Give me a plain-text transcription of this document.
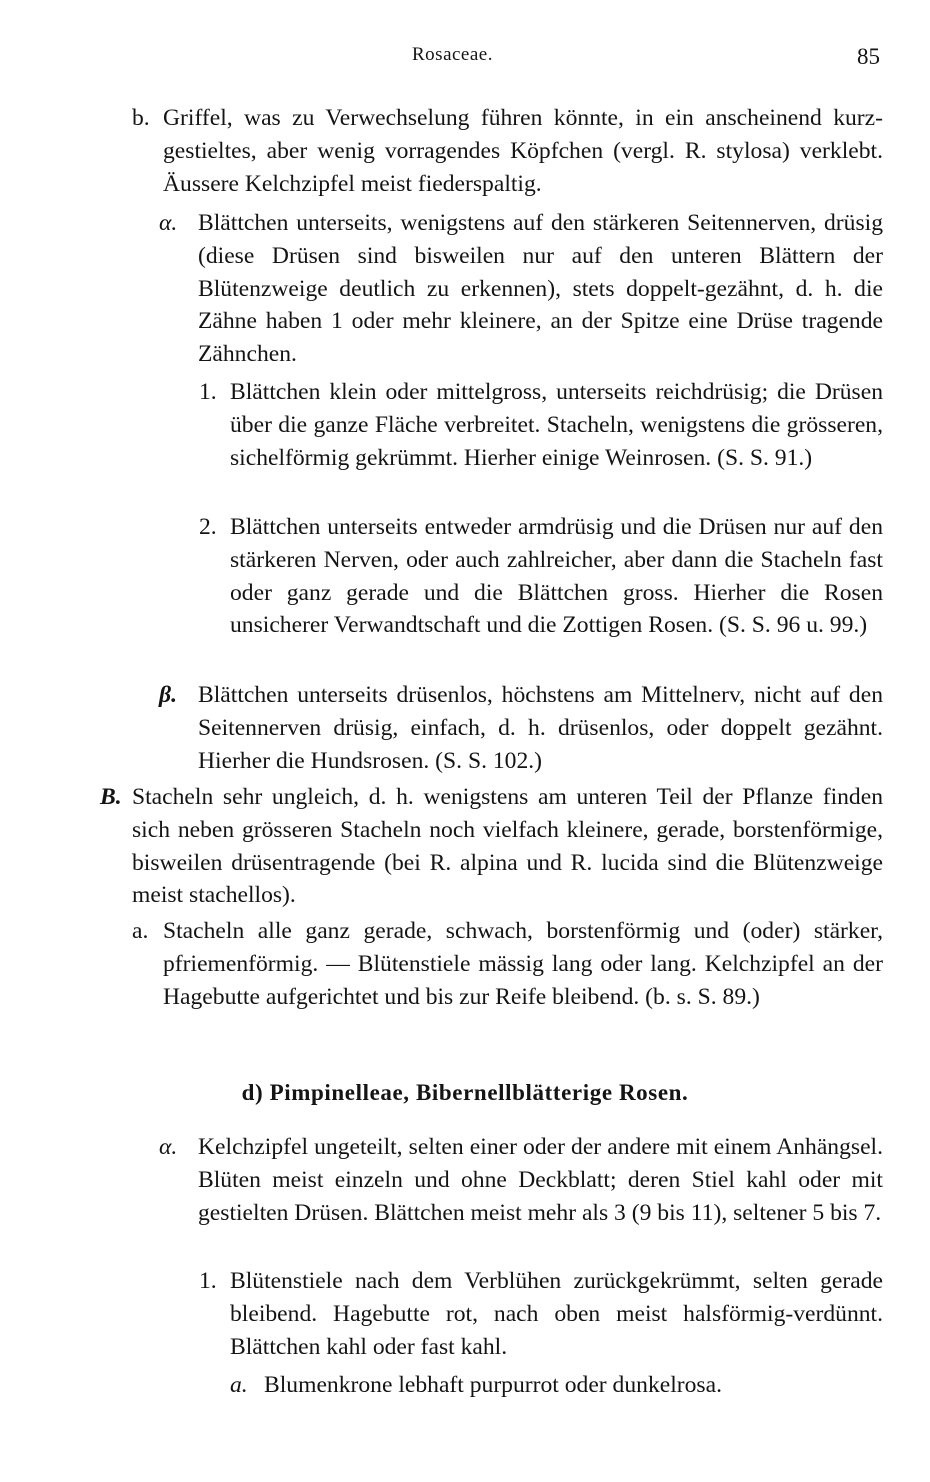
Rosaceae.	85
b. Griffel, was zu Verwechselung führen könnte, in ein anscheinend kurz-gestieltes, aber wenig vorragendes Köpfchen (vergl. R. stylosa) verklebt. Äussere Kelchzipfel meist fiederspaltig.
α. Blättchen unterseits, wenigstens auf den stärkeren Seitennerven, drüsig (diese Drüsen sind bisweilen nur auf den unteren Blättern der Blütenzweige deutlich zu erkennen), stets doppelt-gezähnt, d. h. die Zähne haben 1 oder mehr kleinere, an der Spitze eine Drüse tragende Zähnchen.
1. Blättchen klein oder mittelgross, unterseits reichdrüsig; die Drüsen über die ganze Fläche verbreitet. Stacheln, wenigstens die grösseren, sichelförmig gekrümmt. Hierher einige Weinrosen. (S. S. 91.)
2. Blättchen unterseits entweder armdrüsig und die Drüsen nur auf den stärkeren Nerven, oder auch zahlreicher, aber dann die Stacheln fast oder ganz gerade und die Blättchen gross. Hierher die Rosen unsicherer Verwandtschaft und die Zottigen Rosen. (S. S. 96 u. 99.)
β. Blättchen unterseits drüsenlos, höchstens am Mittelnerv, nicht auf den Seitennerven drüsig, einfach, d. h. drüsenlos, oder doppelt gezähnt. Hierher die Hundsrosen. (S. S. 102.)
B. Stacheln sehr ungleich, d. h. wenigstens am unteren Teil der Pflanze finden sich neben grösseren Stacheln noch vielfach kleinere, gerade, borstenförmige, bisweilen drüsentragende (bei R. alpina und R. lucida sind die Blütenzweige meist stachellos).
a. Stacheln alle ganz gerade, schwach, borstenförmig und (oder) stärker, pfriemenförmig. — Blütenstiele mässig lang oder lang. Kelchzipfel an der Hagebutte aufgerichtet und bis zur Reife bleibend. (b. s. S. 89.)
d) Pimpinelleae, Bibernellblätterige Rosen.
α. Kelchzipfel ungeteilt, selten einer oder der andere mit einem Anhängsel. Blüten meist einzeln und ohne Deckblatt; deren Stiel kahl oder mit gestielten Drüsen. Blättchen meist mehr als 3 (9 bis 11), seltener 5 bis 7.
1. Blütenstiele nach dem Verblühen zurückgekrümmt, selten gerade bleibend. Hagebutte rot, nach oben meist halsförmig-verdünnt. Blättchen kahl oder fast kahl.
a. Blumenkrone lebhaft purpurrot oder dunkelrosa.
